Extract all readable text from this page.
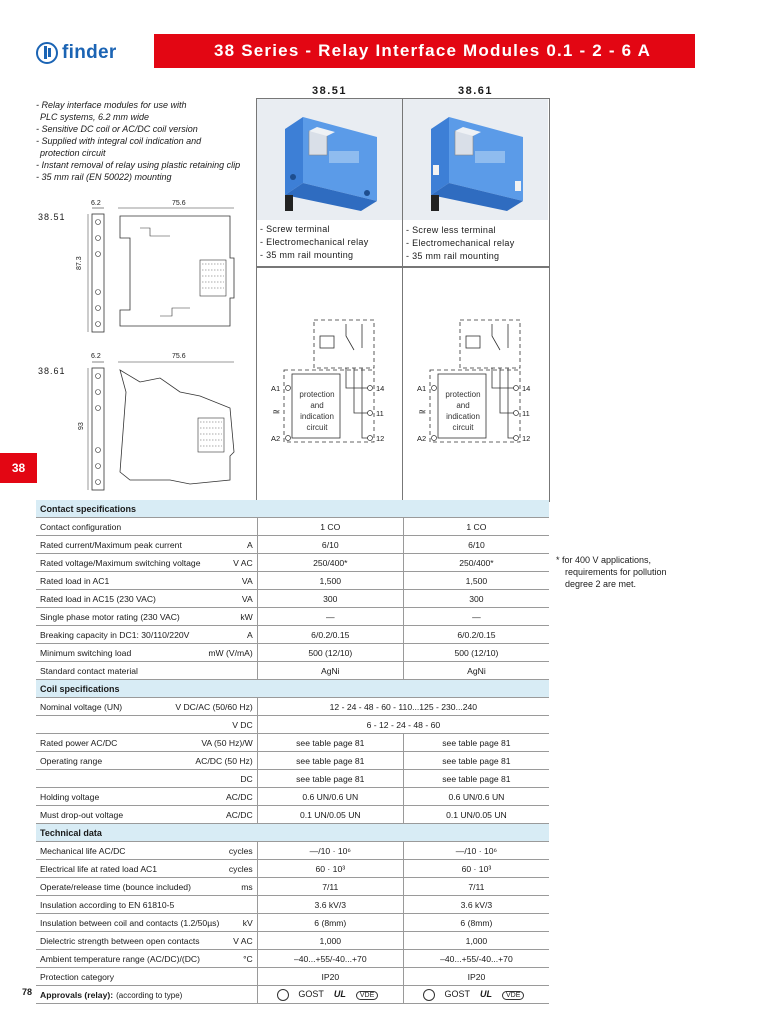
finder	38 Series - Relay Interface Modules 0.1 - 2 - 6 A
38.51	38.61
- Screw terminal
- Electromechanical relay
- 35 mm rail mounting
- Screw less terminal
- Electromechanical relay
- 35 mm rail mounting
- Relay interface modules for use with
PLC systems, 6.2 mm wide
- Sensitive DC coil or AC/DC coil version
- Supplied with integral coil indication and
protection circuit
- Instant removal of relay using plastic retaining clip
- 35 mm rail (EN 50022) mounting
38.51
38.61
6.2	75.6
87.3
6.2	75.6
93
protection
and
indication
circuit
A1
A2
≃
14
11
12
protection
and
indication
circuit
A1
A2
≃
14
11
12
38
Contact specifications		
Contact configuration	1 CO	1 CO
Rated current/Maximum peak current A	6/10	6/10
Rated voltage/Maximum switching voltage V AC	250/400*	250/400*
Rated load in AC1 VA	1,500	1,500
Rated load in AC15 (230 VAC) VA	300	300
Single phase motor rating (230 VAC) kW	—	—
Breaking capacity in DC1: 30/110/220V A	6/0.2/0.15	6/0.2/0.15
Minimum switching load mW (V/mA)	500 (12/10)	500 (12/10)
Standard contact material	AgNi	AgNi
Coil specifications		
Nominal voltage (UN) V DC/AC (50/60 Hz)	12 - 24 - 48 - 60 - 110...125 - 230...240	

V DC	6 - 12 - 24 - 48 - 60	
Rated power AC/DC VA (50 Hz)/W	see table page 81	see table page 81
Operating range AC/DC (50 Hz)	see table page 81	see table page 81

DC	see table page 81	see table page 81
Holding voltage AC/DC	0.6 UN/0.6 UN	0.6 UN/0.6 UN
Must drop-out voltage AC/DC	0.1 UN/0.05 UN	0.1 UN/0.05 UN
Technical data		
Mechanical life AC/DC cycles	—/10 · 10⁶	—/10 · 10⁶
Electrical life at rated load AC1 cycles	60 · 10³	60 · 10³
Operate/release time (bounce included) ms	7/11	7/11
Insulation according to EN 61810-5	3.6 kV/3	3.6 kV/3
Insulation between coil and contacts (1.2/50µs) kV	6 (8mm)	6 (8mm)
Dielectric strength between open contacts V AC	1,000	1,000
Ambient temperature range (AC/DC)/(DC) °C	–40...+55/-40...+70	–40...+55/-40...+70
Protection category	IP20	IP20
Approvals (relay): (according to type)	GOST UL VDE	GOST UL VDE
* for 400 V applications,
requirements for pollution
degree 2 are met.
78
